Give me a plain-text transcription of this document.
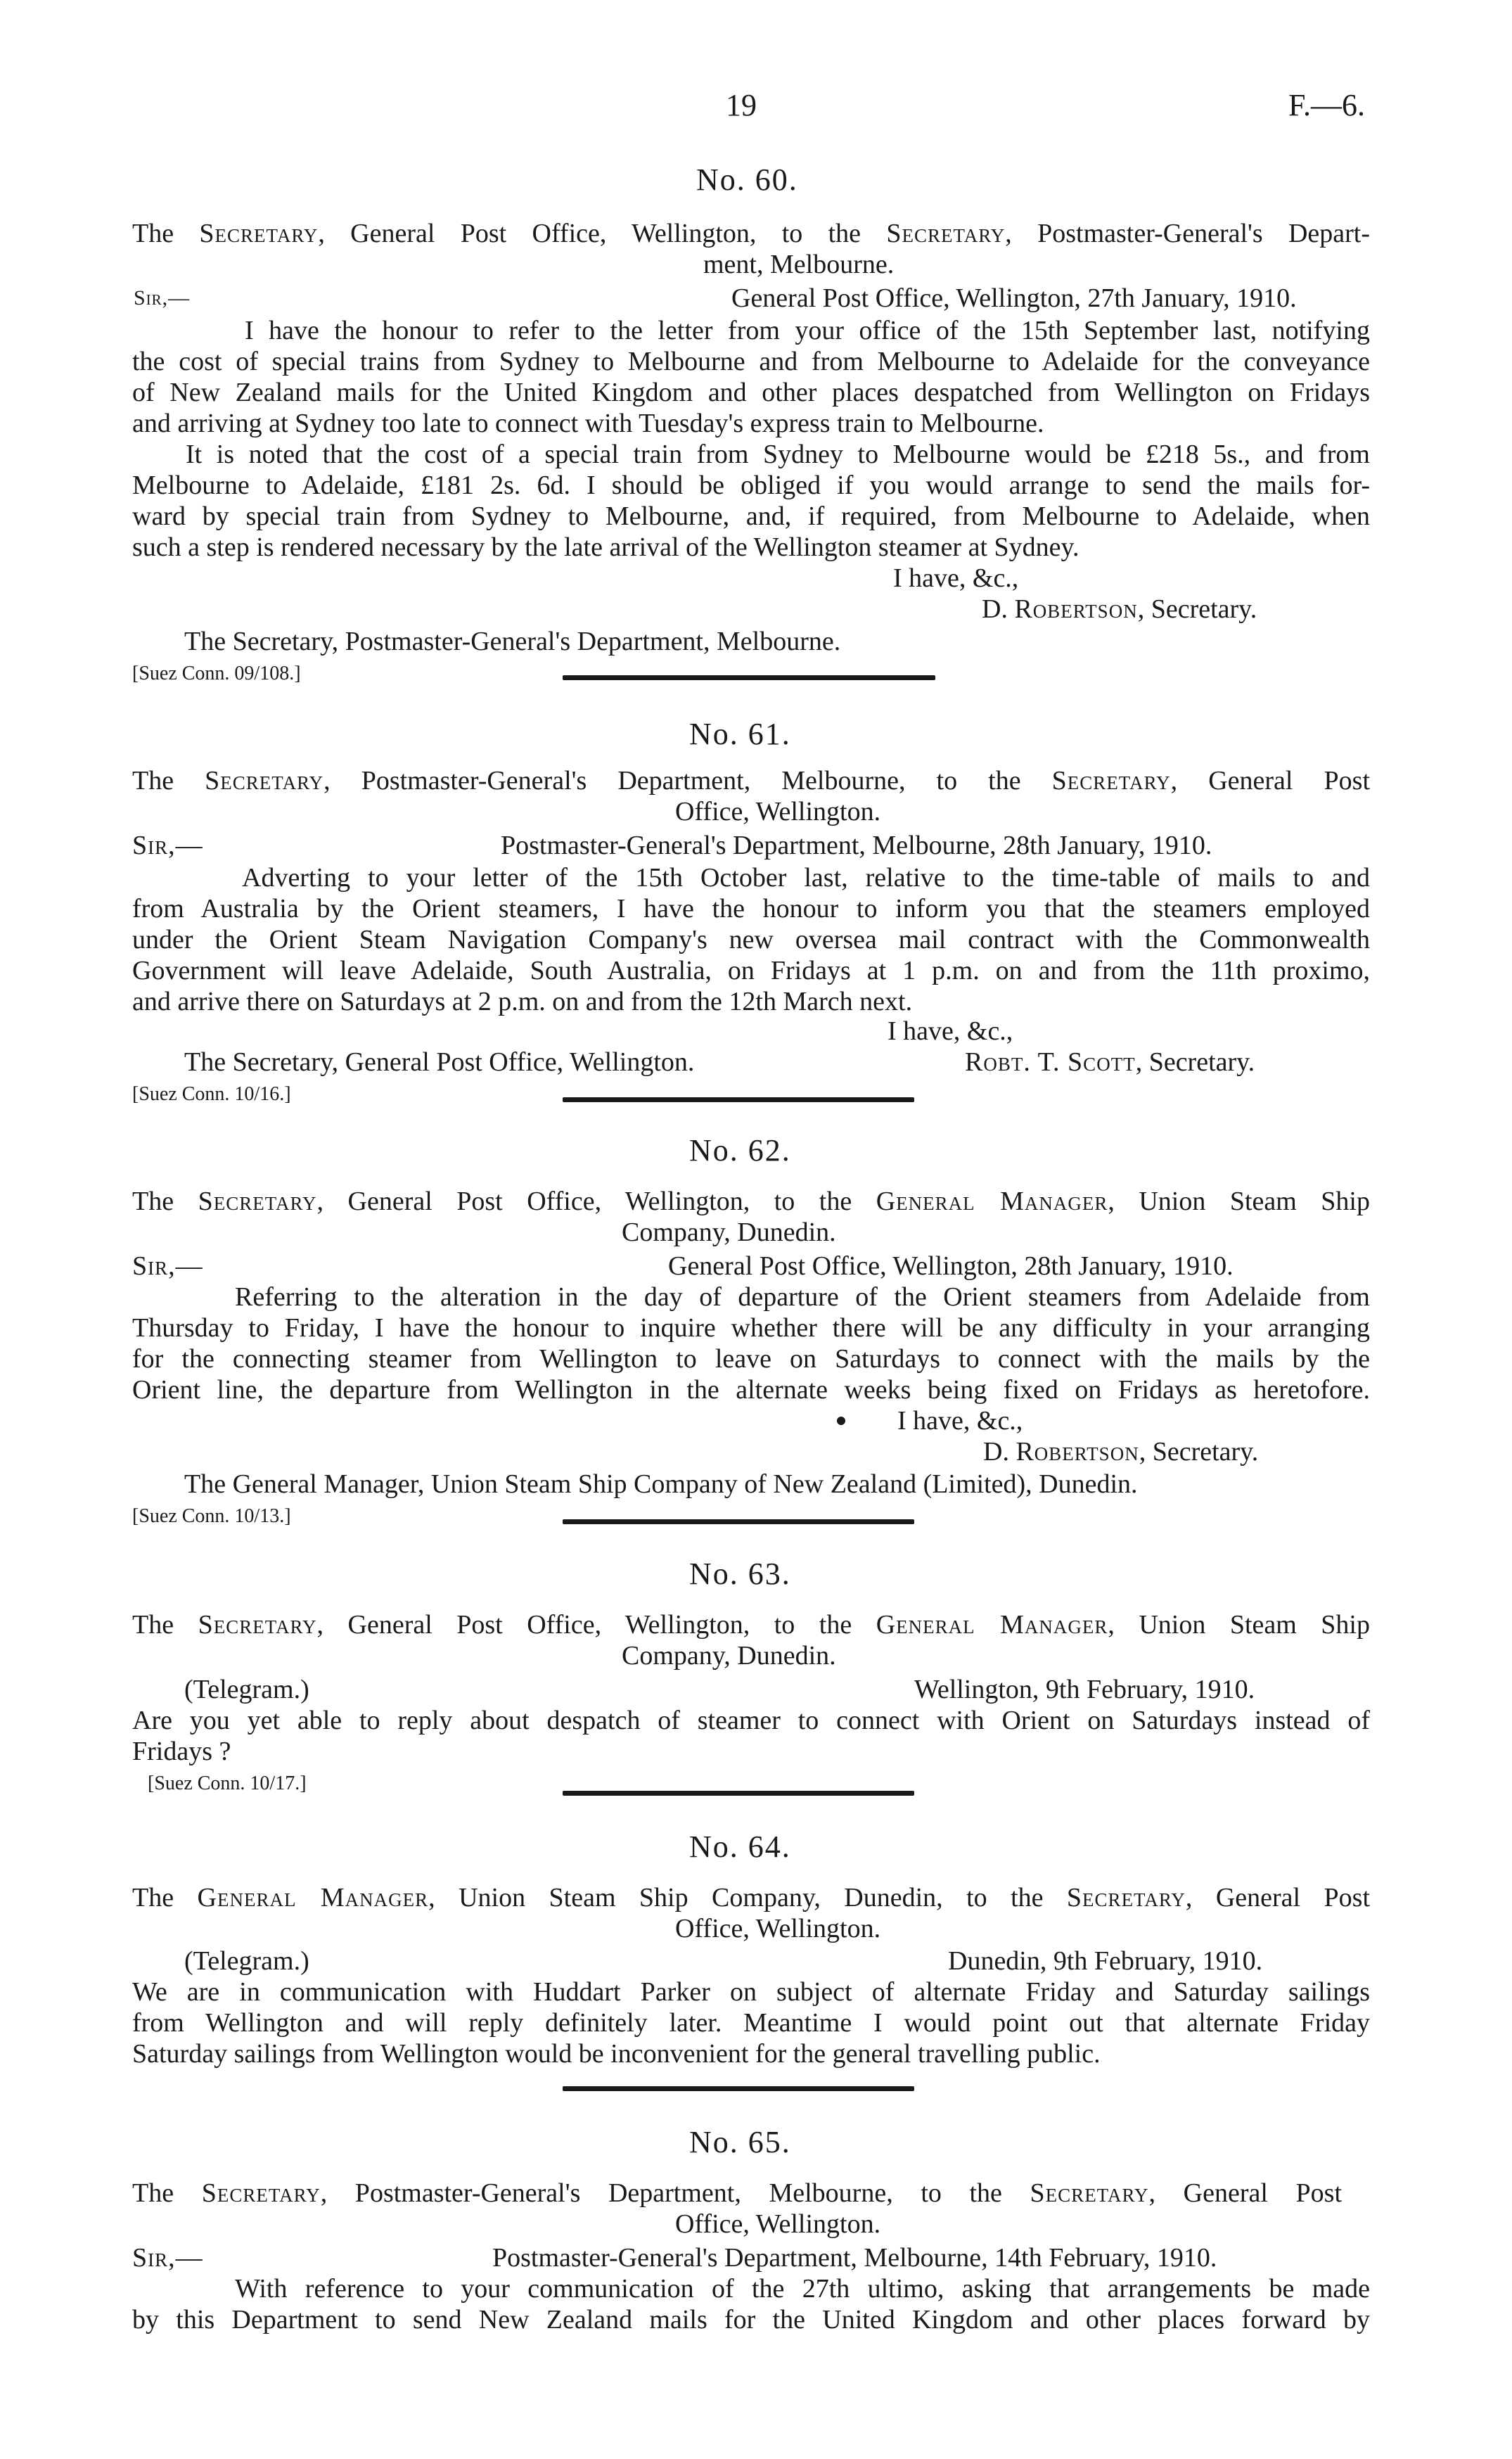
19	F.—6.
No. 60.
The Secretary, General Post Office, Wellington, to the Secretary, Postmaster-General's Depart-
ment, Melbourne.
Sir,—	General Post Office, Wellington, 27th January, 1910.
I have the honour to refer to the letter from your office of the 15th September last, notifying
the cost of special trains from Sydney to Melbourne and from Melbourne to Adelaide for the conveyance
of New Zealand mails for the United Kingdom and other places despatched from Wellington on Fridays
and arriving at Sydney too late to connect with Tuesday's express train to Melbourne.
It is noted that the cost of a special train from Sydney to Melbourne would be £218 5s., and from
Melbourne to Adelaide, £181 2s. 6d. I should be obliged if you would arrange to send the mails for-
ward by special train from Sydney to Melbourne, and, if required, from Melbourne to Adelaide, when
such a step is rendered necessary by the late arrival of the Wellington steamer at Sydney.
I have, &c.,
D. Robertson, Secretary.
The Secretary, Postmaster-General's Department, Melbourne.
[Suez Conn. 09/108.]
No. 61.
The Secretary, Postmaster-General's Department, Melbourne, to the Secretary, General Post
Office, Wellington.
Sir,—	Postmaster-General's Department, Melbourne, 28th January, 1910.
Adverting to your letter of the 15th October last, relative to the time-table of mails to and
from Australia by the Orient steamers, I have the honour to inform you that the steamers employed
under the Orient Steam Navigation Company's new oversea mail contract with the Commonwealth
Government will leave Adelaide, South Australia, on Fridays at 1 p.m. on and from the 11th proximo,
and arrive there on Saturdays at 2 p.m. on and from the 12th March next.
I have, &c.,
The Secretary, General Post Office, Wellington.	Robt. T. Scott, Secretary.
[Suez Conn. 10/16.]
No. 62.
The Secretary, General Post Office, Wellington, to the General Manager, Union Steam Ship
Company, Dunedin.
Sir,—	General Post Office, Wellington, 28th January, 1910.
Referring to the alteration in the day of departure of the Orient steamers from Adelaide from
Thursday to Friday, I have the honour to inquire whether there will be any difficulty in your arranging
for the connecting steamer from Wellington to leave on Saturdays to connect with the mails by the
Orient line, the departure from Wellington in the alternate weeks being fixed on Fridays as heretofore.
I have, &c.,
D. Robertson, Secretary.
The General Manager, Union Steam Ship Company of New Zealand (Limited), Dunedin.
[Suez Conn. 10/13.]
No. 63.
The Secretary, General Post Office, Wellington, to the General Manager, Union Steam Ship
Company, Dunedin.
(Telegram.)	Wellington, 9th February, 1910.
Are you yet able to reply about despatch of steamer to connect with Orient on Saturdays instead of
Fridays ?
[Suez Conn. 10/17.]
No. 64.
The General Manager, Union Steam Ship Company, Dunedin, to the Secretary, General Post
Office, Wellington.
(Telegram.)	Dunedin, 9th February, 1910.
We are in communication with Huddart Parker on subject of alternate Friday and Saturday sailings
from Wellington and will reply definitely later. Meantime I would point out that alternate Friday
Saturday sailings from Wellington would be inconvenient for the general travelling public.
No. 65.
The Secretary, Postmaster-General's Department, Melbourne, to the Secretary, General Post
Office, Wellington.
Sir,—	Postmaster-General's Department, Melbourne, 14th February, 1910.
With reference to your communication of the 27th ultimo, asking that arrangements be made
by this Department to send New Zealand mails for the United Kingdom and other places forward by
